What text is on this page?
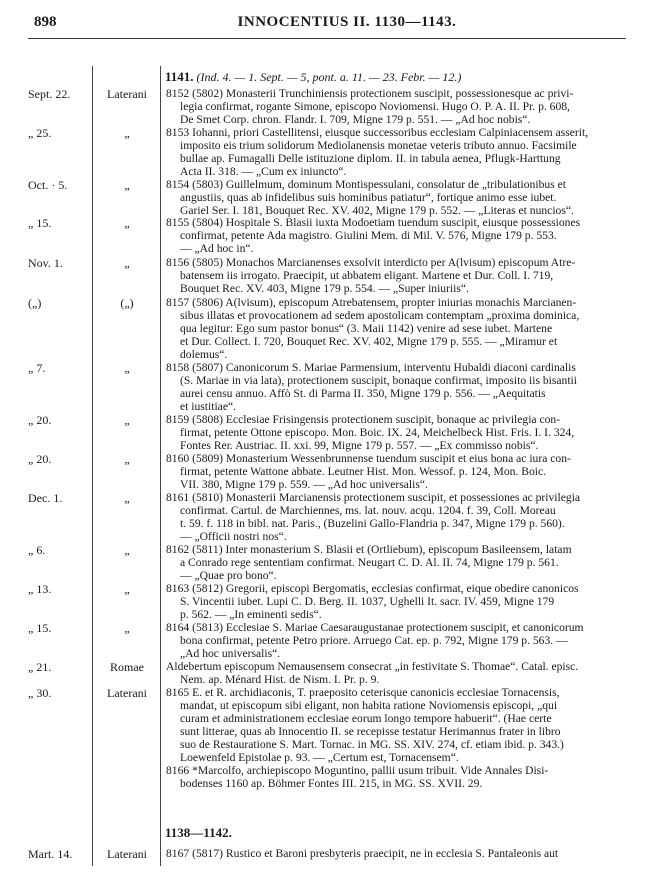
898	INNOCENTIUS II. 1130—1143.
1141. (Ind. 4. — 1. Sept. — 5, pont. a. 11. — 23. Febr. — 12.)
Sept. 22.	Laterani	8152 (5802) Monasterii Trunchiniensis protectionem suscipit, possessionesque ac privi-
legia confirmat, rogante Simone, episcopo Noviomensi. Hugo O. P. A. II. Pr. p. 608,
De Smet Corp. chron. Flandr. I. 709, Migne 179 p. 551. — „Ad hoc nobis“.
„ 25.	„	8153 Iohanni, priori Castellitensi, eiusque successoribus ecclesiam Calpiniacensem asserit,
imposito eis trium solidorum Mediolanensis monetae veteris tributo annuo. Facsimile
bullae ap. Fumagalli Delle istituzione diplom. II. in tabula aenea, Pflugk-Harttung
Acta II. 318. — „Cum ex iniuncto“.
Oct. · 5.	„	8154 (5803) Guillelmum, dominum Montispessulani, consolatur de „tribulationibus et
angustiis, quas ab infidelibus suis hominibus patiatur“, fortique animo esse iubet.
Gariel Ser. I. 181, Bouquet Rec. XV. 402, Migne 179 p. 552. — „Literas et nuncios“.
„ 15.	„	8155 (5804) Hospitale S. Blasii iuxta Modoetiam tuendum suscipit, eiusque possessiones
confirmat, petente Ada magistro. Giulini Mem. di Mil. V. 576, Migne 179 p. 553.
— „Ad hoc in“.
Nov. 1.	„	8156 (5805) Monachos Marcianenses exsolvit interdicto per A(lvisum) episcopum Atre-
batensem iis irrogato. Praecipit, ut abbatem eligant. Martene et Dur. Coll. I. 719,
Bouquet Rec. XV. 403, Migne 179 p. 554. — „Super iniuriis“.
(„)	(„)	8157 (5806) A(lvisum), episcopum Atrebatensem, propter iniurias monachis Marcianen-
sibus illatas et provocationem ad sedem apostolicam contemptam „proxima dominica,
qua legitur: Ego sum pastor bonus“ (3. Maii 1142) venire ad sese iubet. Martene
et Dur. Collect. I. 720, Bouquet Rec. XV. 402, Migne 179 p. 555. — „Miramur et
dolemus“.
„ 7.	„	8158 (5807) Canonicorum S. Mariae Parmensium, interventu Hubaldi diaconi cardinalis
(S. Mariae in via lata), protectionem suscipit, bonaque confirmat, imposito iis bisantii
aurei censu annuo. Affò St. di Parma II. 350, Migne 179 p. 556. — „Aequitatis
et iustitiae“.
„ 20.	„	8159 (5808) Ecclesiae Frisingensis protectionem suscipit, bonaque ac privilegia con-
firmat, petente Ottone episcopo. Mon. Boic. IX. 24, Meichelbeck Hist. Fris. I. I. 324,
Fontes Rer. Austriac. II. xxi. 99, Migne 179 p. 557. — „Ex commisso nobis“.
„ 20.	„	8160 (5809) Monasterium Wessenbrunnense tuendum suscipit et eius bona ac iura con-
firmat, petente Wattone abbate. Leutner Hist. Mon. Wessof. p. 124, Mon. Boic.
VII. 380, Migne 179 p. 559. — „Ad hoc universalis“.
Dec. 1.	„	8161 (5810) Monasterii Marcianensis protectionem suscipit, et possessiones ac privilegia
confirmat. Cartul. de Marchiennes, ms. lat. nouv. acqu. 1204. f. 39, Coll. Moreau
t. 59. f. 118 in bibl. nat. Paris., (Buzelini Gallo-Flandria p. 347, Migne 179 p. 560).
— „Officii nostri nos“.
„ 6.	„	8162 (5811) Inter monasterium S. Blasii et (Ortliebum), episcopum Basileensem, latam
a Conrado rege sententiam confirmat. Neugart C. D. Al. II. 74, Migne 179 p. 561.
— „Quae pro bono“.
„ 13.	„	8163 (5812) Gregorii, episcopi Bergomatis, ecclesias confirmat, eique obedire canonicos
S. Vincentii iubet. Lupi C. D. Berg. II. 1037, Ughelli It. sacr. IV. 459, Migne 179
p. 562. — „In eminenti sedis“.
„ 15.	„	8164 (5813) Ecclesiae S. Mariae Caesaraugustanae protectionem suscipit, et canonicorum
bona confirmat, petente Petro priore. Arruego Cat. ep. p. 792, Migne 179 p. 563. —
„Ad hoc universalis“.
„ 21.	Romae	Aldebertum episcopum Nemausensem consecrat „in festivitate S. Thomae“. Catal. episc.
Nem. ap. Ménard Hist. de Nism. I. Pr. p. 9.
„ 30.	Laterani	8165 E. et R. archidiaconis, T. praeposito ceterisque canonicis ecclesiae Tornacensis,
mandat, ut episcopum sibi eligant, non habita ratione Noviomensis episcopi, „qui
curam et administrationem ecclesiae eorum longo tempore habuerit“. (Hae certe
sunt litterae, quas ab Innocentio II. se recepisse testatur Herimannus frater in libro
suo de Restauratione S. Mart. Tornac. in MG. SS. XIV. 274, cf. etiam ibid. p. 343.)
Loewenfeld Epistolae p. 93. — „Certum est, Tornacensem“.
8166 *Marcolfo, archiepiscopo Moguntino, pallii usum tribuit. Vide Annales Disi-
bodenses 1160 ap. Böhmer Fontes III. 215, in MG. SS. XVII. 29.
Mart. 14.	Laterani	8167 (5817) Rustico et Baroni presbyteris praecipit, ne in ecclesia S. Pantaleonis aut
1138—1142.
